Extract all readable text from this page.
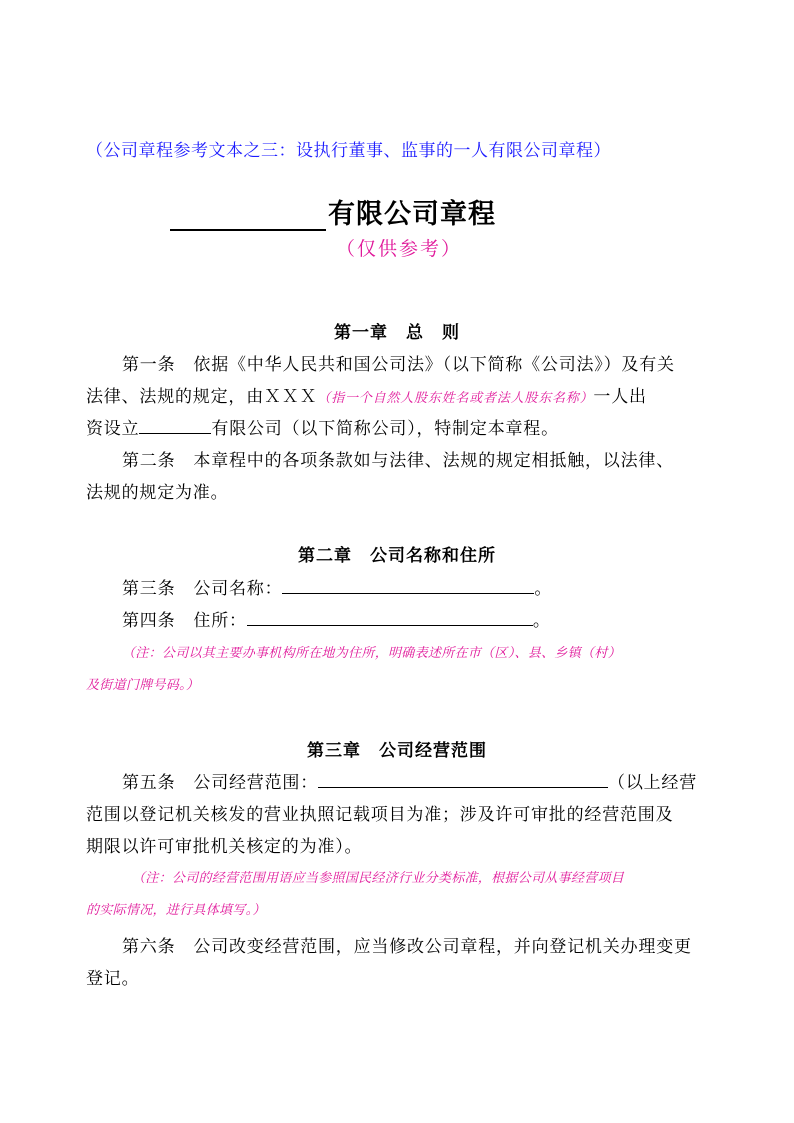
（公司章程参考文本之三：设执行董事、监事的一人有限公司章程）
有限公司章程
（仅供参考）
第一章　总　则
第一条 依据《中华人民共和国公司法》（以下简称《公司法》）及有关
法律、法规的规定，由ＸＸＸ（指一个自然人股东姓名或者法人股东名称）一人出
资设立	有限公司（以下简称公司），特制定本章程。
第二条 本章程中的各项条款如与法律、法规的规定相抵触，以法律、
法规的规定为准。
第二章　公司名称和住所
第三条 公司名称：	。
第四条 住所：	。
（注：公司以其主要办事机构所在地为住所，明确表述所在市（区）、县、乡镇（村）
及街道门牌号码。）
第三章　公司经营范围
第五条 公司经营范围：	（以上经营
范围以登记机关核发的营业执照记载项目为准；涉及许可审批的经营范围及
期限以许可审批机关核定的为准）。
（注：公司的经营范围用语应当参照国民经济行业分类标准，根据公司从事经营项目
的实际情况，进行具体填写。）
第六条 公司改变经营范围，应当修改公司章程，并向登记机关办理变更
登记。
